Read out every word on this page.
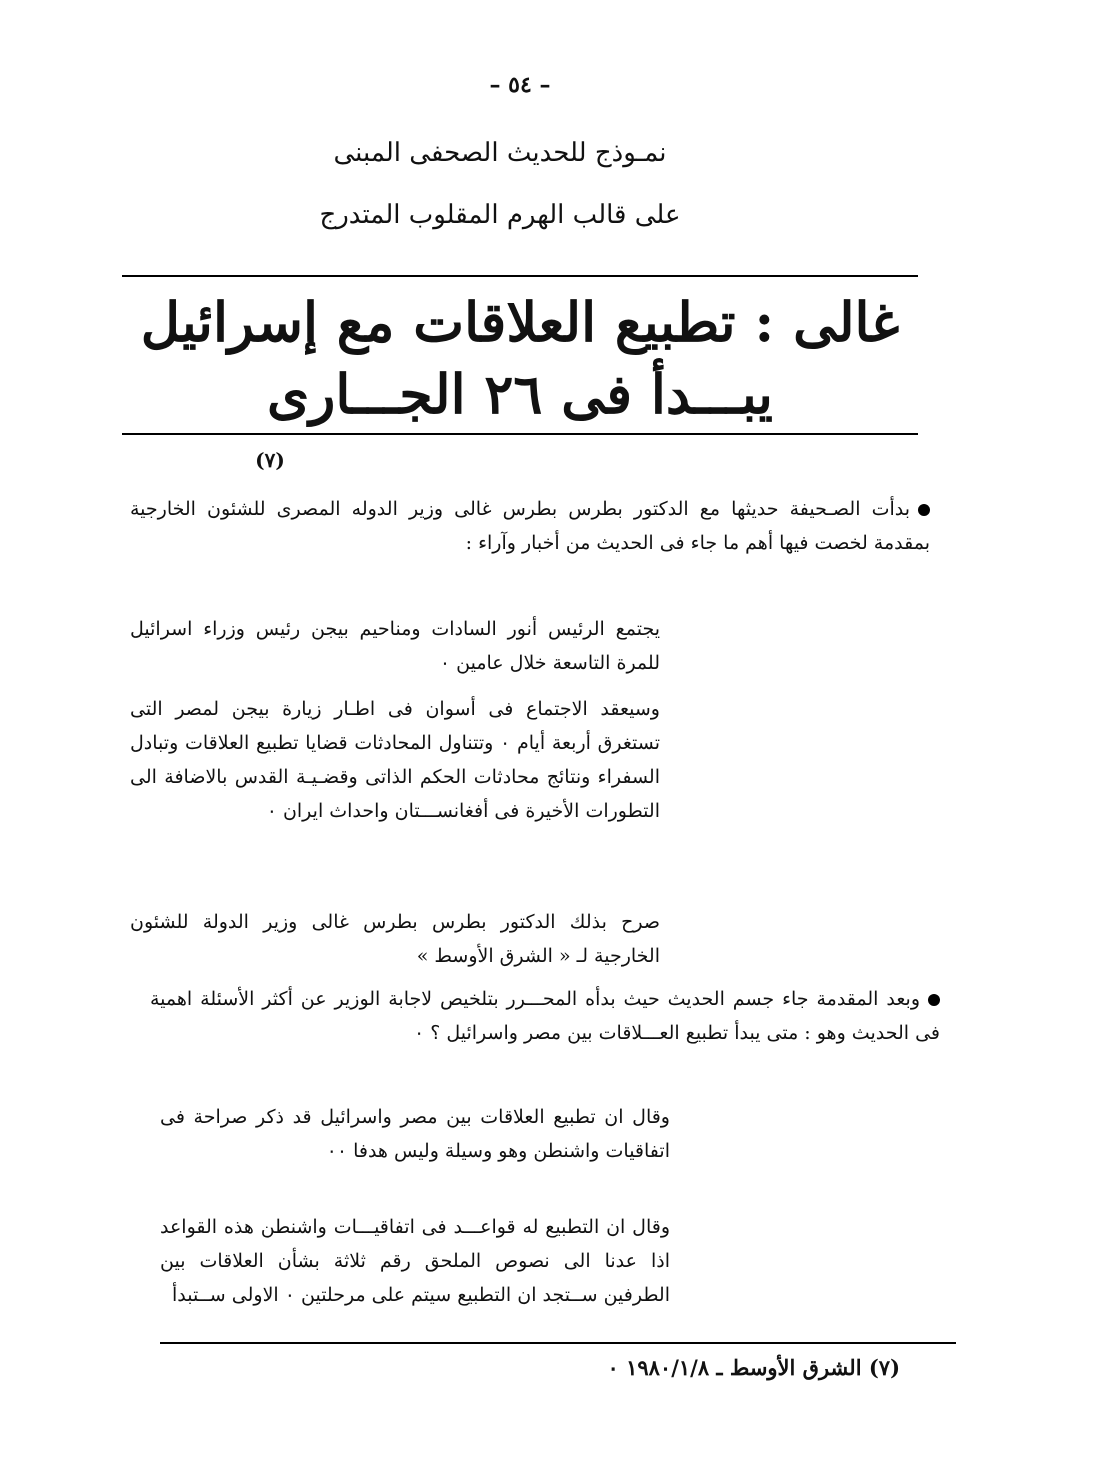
– ٥٤ –
نمـوذج للحديث الصحفى المبنى
على قالب الهرم المقلوب المتدرج
غالى : تطبيع العلاقات مع إسرائيل
يبـــدأ فى ٢٦ الجـــارى
(٧)
بدأت الصـحيفة حديثها مع الدكتور بطرس بطرس غالى وزير الدوله المصرى للشئون الخارجية بمقدمة لخصت فيها أهم ما جاء فى الحديث من أخبار وآراء :
يجتمع الرئيس أنور السادات ومناحيم بيجن رئيس وزراء اسرائيل للمرة التاسعة خلال عامين ٠
وسيعقد الاجتماع فى أسوان فى اطـار زيارة بيجن لمصر التى تستغرق أربعة أيام ٠ وتتناول المحادثات قضايا تطبيع العلاقات وتبادل السفراء ونتائج محادثات الحكم الذاتى وقضـيـة القدس بالاضافة الى التطورات الأخيرة فى أفغانســـتان واحداث ايران ٠
صرح بذلك الدكتور بطرس بطرس غالى وزير الدولة للشئون الخارجية لـ « الشرق الأوسط »
وبعد المقدمة جاء جسم الحديث حيث بدأه المحـــرر بتلخيص لاجابة الوزير عن أكثر الأسئلة اهمية فى الحديث وهو : متى يبدأ تطبيع العـــلاقات بين مصر واسرائيل ؟ ٠
وقال ان تطبيع العلاقات بين مصر واسرائيل قد ذكر صراحة فى اتفاقيات واشنطن وهو وسيلة وليس هدفا ٠٠
وقال ان التطبيع له قواعـــد فى اتفاقيـــات واشنطن هذه القواعد اذا عدنا الى نصوص الملحق رقم ثلاثة بشأن العلاقات بين الطرفين ســتجد ان التطبيع سيتم على مرحلتين ٠ الاولى ســتبدأ
(٧) الشرق الأوسط ـ ١٩٨٠/١/٨ ٠
